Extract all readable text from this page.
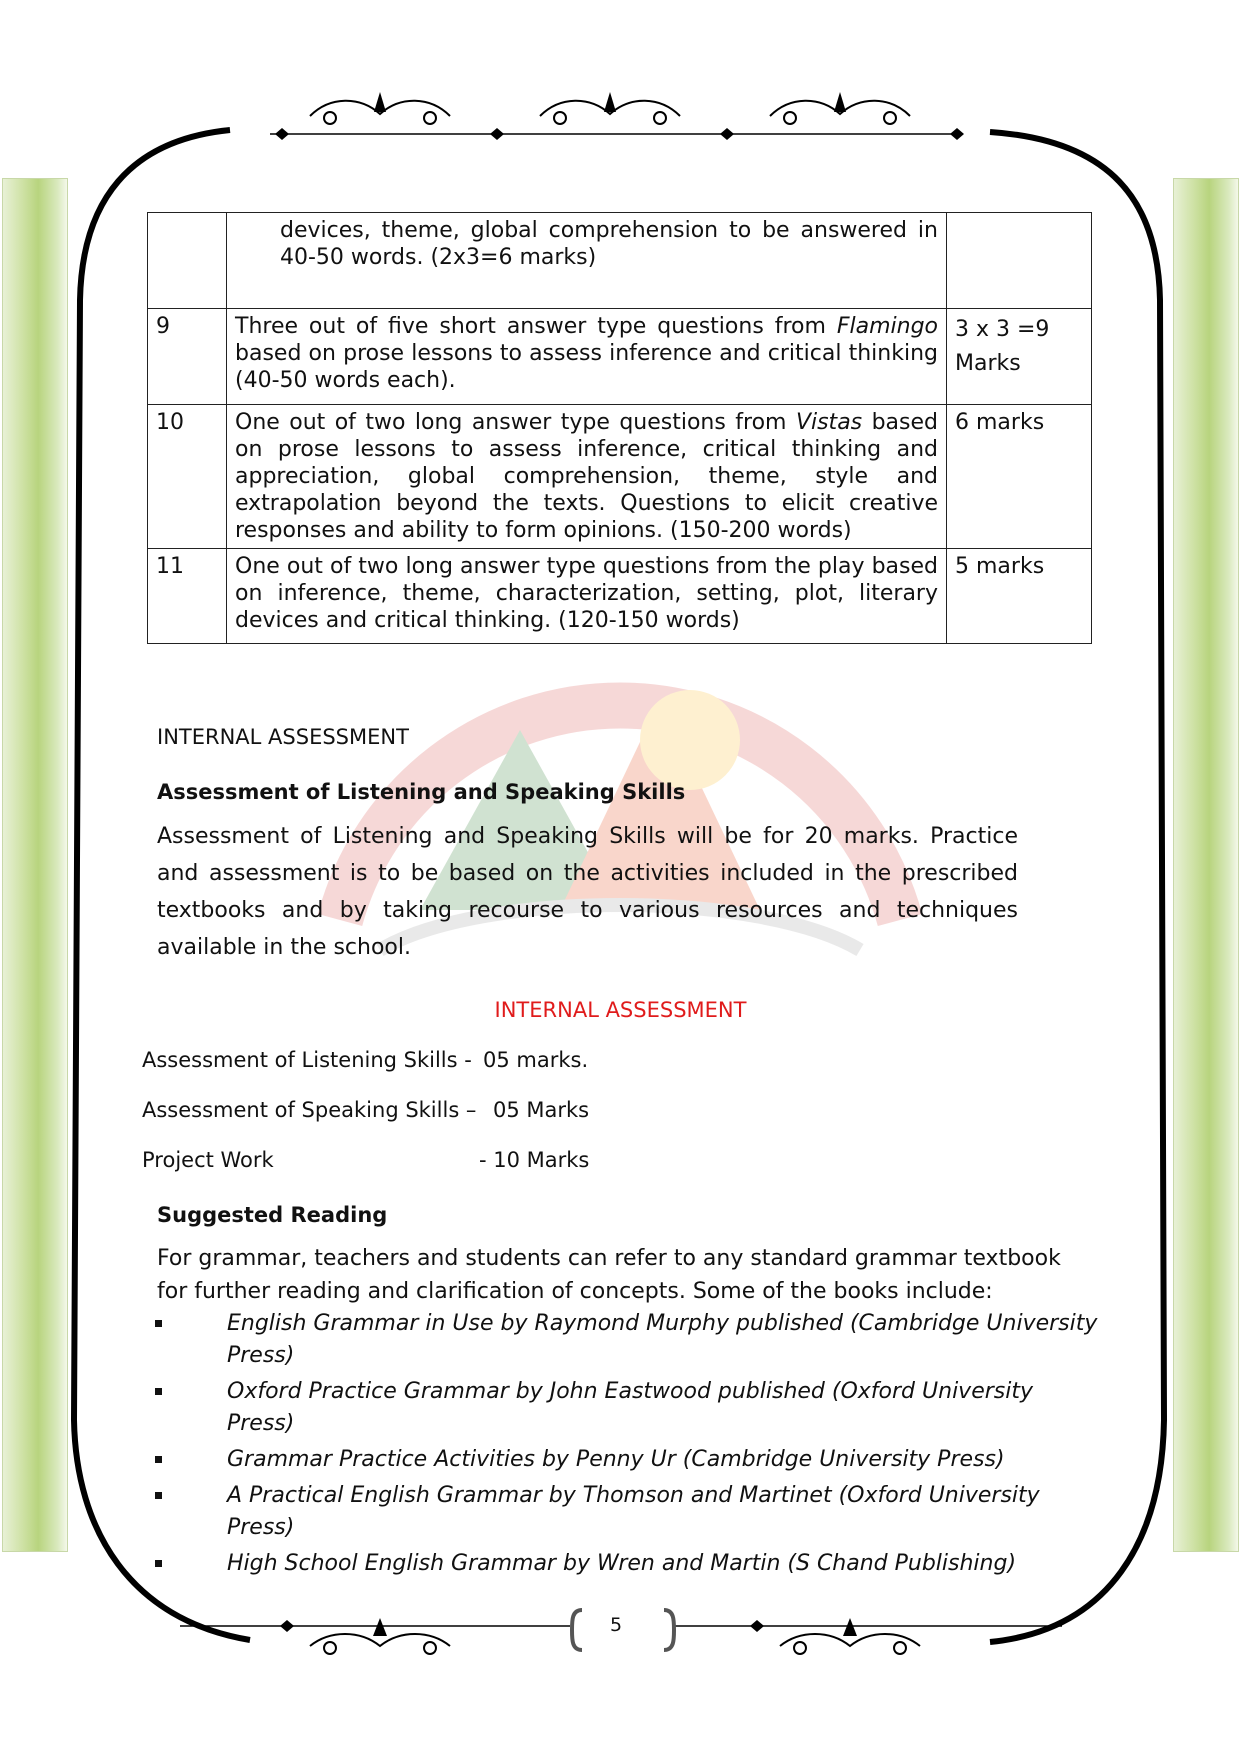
5
	devices, theme, global comprehension to be answered in 40-50 words. (2x3=6 marks)	
9	Three out of five short answer type questions from Flamingo based on prose lessons to assess inference and critical thinking (40-50 words each).	3 x 3 =9
Marks
10	One out of two long answer type questions from Vistas based on prose lessons to assess inference, critical thinking and appreciation, global comprehension, theme, style and extrapolation beyond the texts. Questions to elicit creative responses and ability to form opinions. (150-200 words)	6 marks
11	One out of two long answer type questions from the play based on inference, theme, characterization, setting, plot, literary devices and critical thinking. (120-150 words)	5 marks
INTERNAL ASSESSMENT
Assessment of Listening and Speaking Skills
Assessment of Listening and Speaking Skills will be for 20 marks. Practice and assessment is to be based on the activities included in the prescribed textbooks and by taking recourse to various resources and techniques available in the school.
INTERNAL ASSESSMENT
Assessment of Listening Skills - 05 marks.
Assessment of Speaking Skills – 05 Marks
Project Work	- 10 Marks
Suggested Reading
For grammar, teachers and students can refer to any standard grammar textbook for further reading and clarification of concepts. Some of the books include:
English Grammar in Use by Raymond Murphy published (Cambridge University Press)
Oxford Practice Grammar by John Eastwood published (Oxford University Press)
Grammar Practice Activities by Penny Ur (Cambridge University Press)
A Practical English Grammar by Thomson and Martinet (Oxford University Press)
High School English Grammar by Wren and Martin (S Chand Publishing)
